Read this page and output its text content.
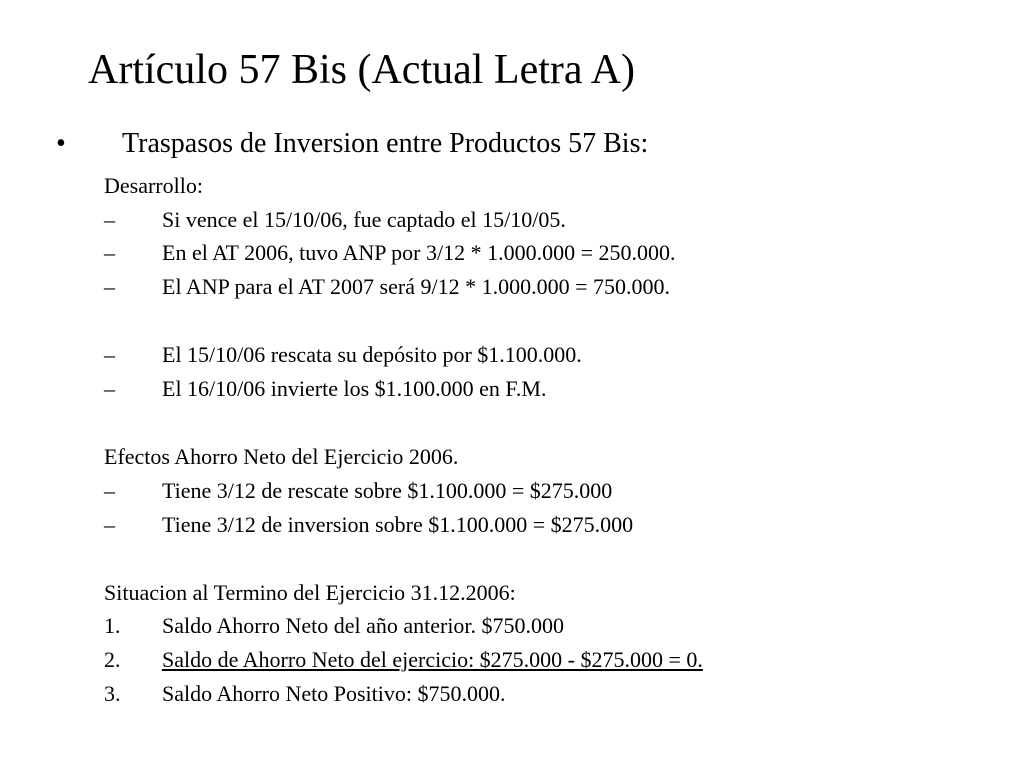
Artículo 57 Bis (Actual Letra A)
• Traspasos de Inversion entre Productos 57 Bis:
Desarrollo:
– Si vence el 15/10/06, fue captado el 15/10/05.
– En el AT 2006, tuvo ANP por 3/12 * 1.000.000 = 250.000.
– El ANP para el AT 2007 será 9/12 * 1.000.000 = 750.000.
– El 15/10/06 rescata su depósito por $1.100.000.
– El 16/10/06 invierte los $1.100.000 en F.M.
Efectos Ahorro Neto del Ejercicio 2006.
– Tiene 3/12 de rescate sobre $1.100.000 = $275.000
– Tiene 3/12 de inversion sobre $1.100.000 = $275.000
Situacion al Termino del Ejercicio 31.12.2006:
1. Saldo Ahorro Neto del año anterior. $750.000
2. Saldo de Ahorro Neto del ejercicio: $275.000 - $275.000 = 0.
3. Saldo Ahorro Neto Positivo: $750.000.
